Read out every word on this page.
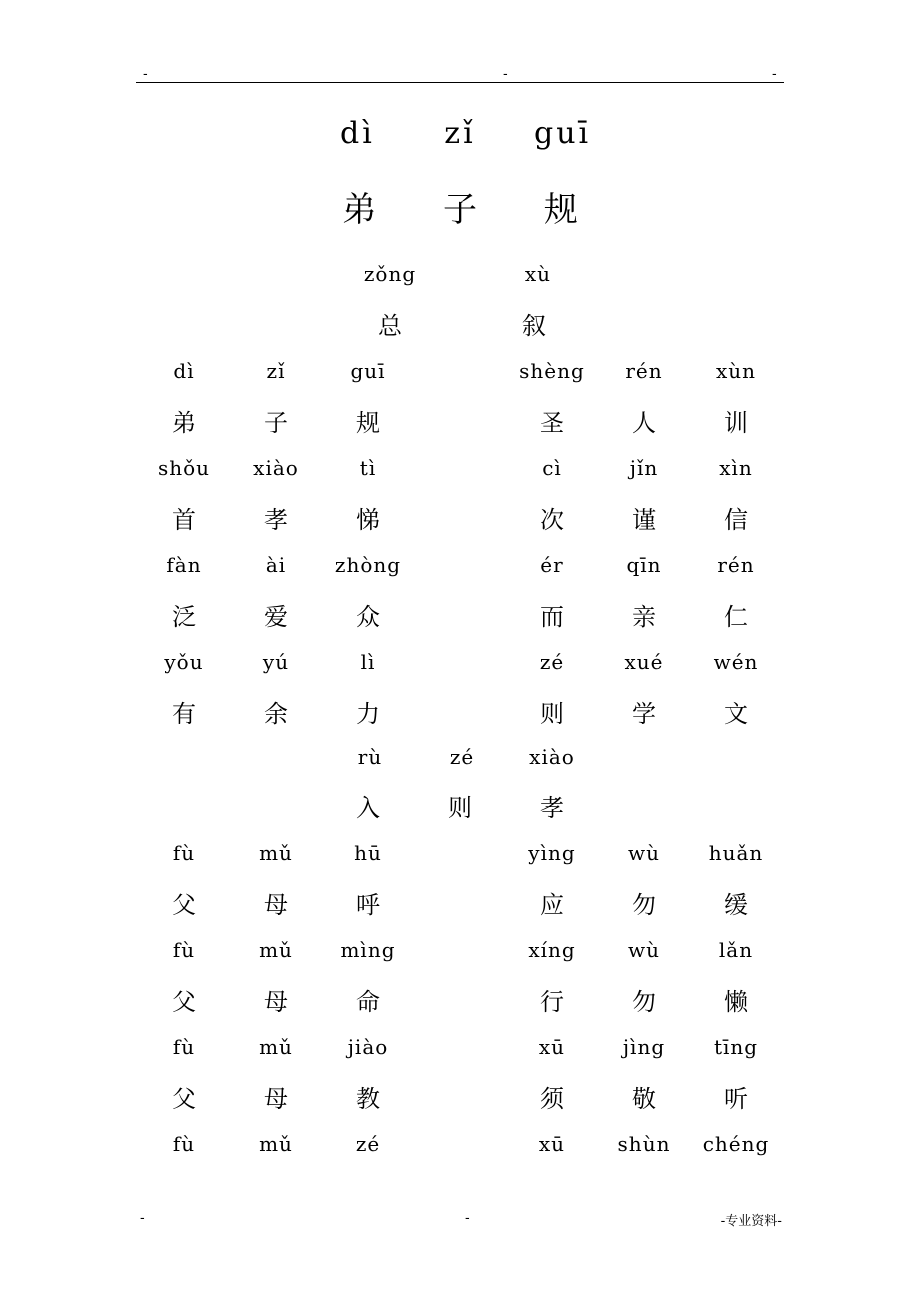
-	-	-
dì zǐ guī
弟 子 规
zǒng	xù
总	叙
dì	zǐ	guī	shèng	rén	xùn
弟	子	规	圣	人	训
shǒu	xiào	tì	cì	jǐn	xìn
首	孝	悌	次	谨	信
fàn	ài	zhòng	ér	qīn	rén
泛	爱	众	而	亲	仁
yǒu	yú	lì	zé	xué	wén
有	余	力	则	学	文
rù	zé	xiào
入	则	孝
fù	mǔ	hū	yìng	wù	huǎn
父	母	呼	应	勿	缓
fù	mǔ	mìng	xíng	wù	lǎn
父	母	命	行	勿	懒
fù	mǔ	jiào	xū	jìng	tīng
父	母	教	须	敬	听
fù	mǔ	zé	xū	shùn	chéng
-	-	-专业资料-
